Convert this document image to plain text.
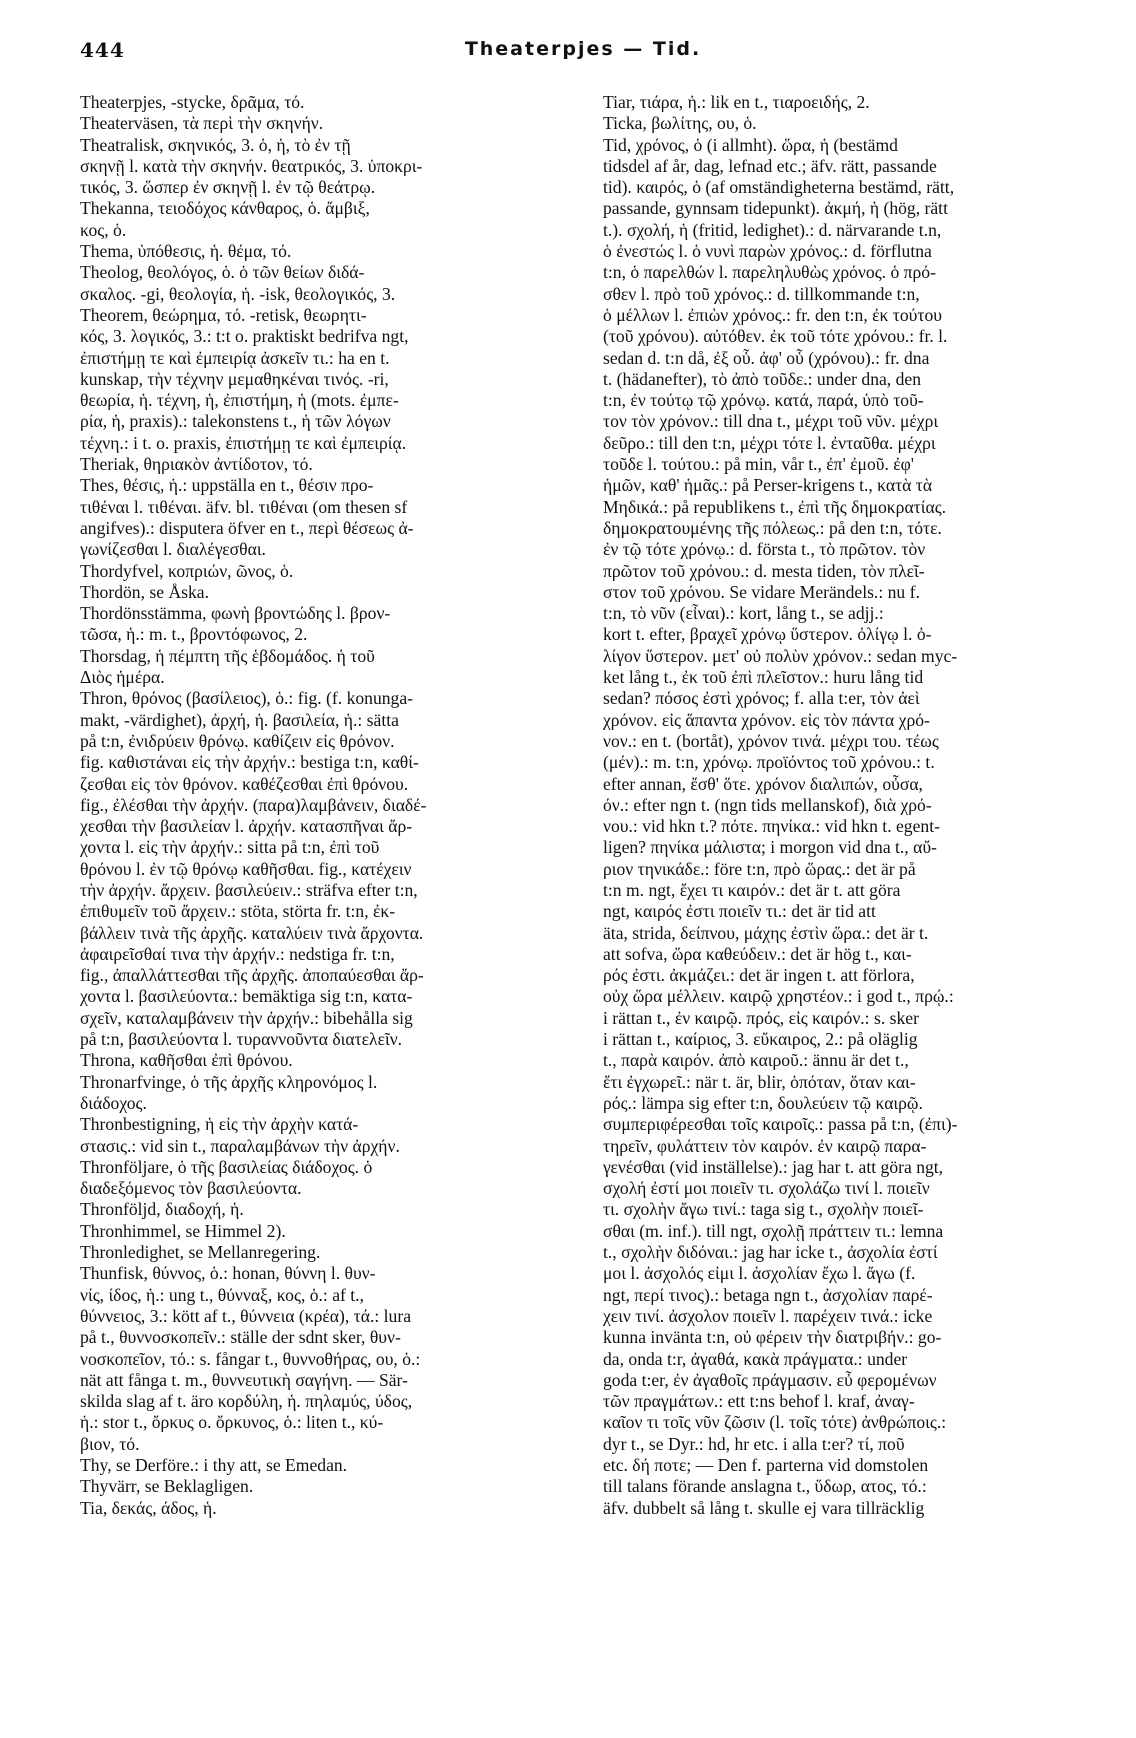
444	Theaterpjes — Tid.
Theaterpjes, -stycke, δρᾶμα, τό.
Theaterväsen, τὰ περὶ τὴν σκηνήν.
Theatralisk, σκηνικός, 3. ὁ, ἡ, τὸ ἐν τῇ
σκηνῇ l. κατὰ τὴν σκηνήν. θεατρικός, 3. ὑποκρι-
τικός, 3. ὥσπερ ἐν σκηνῇ l. ἐν τῷ θεάτρῳ.
Thekanna, τειοδόχος κάνθαρος, ὁ. ἄμβιξ,
κος, ὁ.
Thema, ὑπόθεσις, ἡ. θέμα, τό.
Theolog, θεολόγος, ὁ. ὁ τῶν θείων διδά-
σκαλος. -gi, θεολογία, ἡ. -isk, θεολογικός, 3.
Theorem, θεώρημα, τό. -retisk, θεωρητι-
κός, 3. λογικός, 3.: t:t o. praktiskt bedrifva ngt,
ἐπιστήμῃ τε καὶ ἐμπειρίᾳ ἀσκεῖν τι.: ha en t.
kunskap, τὴν τέχνην μεμαθηκέναι τινός. -ri,
θεωρία, ἡ. τέχνη, ἡ, ἐπιστήμη, ἡ (mots. ἐμπε-
ρία, ἡ, praxis).: talekonstens t., ἡ τῶν λόγων
τέχνη.: i t. o. praxis, ἐπιστήμῃ τε καὶ ἐμπειρίᾳ.
Theriak, θηριακὸν ἀντίδοτον, τό.
Thes, θέσις, ἡ.: uppställa en t., θέσιν προ-
τιθέναι l. τιθέναι. äfv. bl. τιθέναι (om thesen sf
angifves).: disputera öfver en t., περὶ θέσεως ἀ-
γωνίζεσθαι l. διαλέγεσθαι.
Thordyfvel, κοπριών, ῶνος, ὁ.
Thordön, se Åska.
Thordönsstämma, φωνὴ βροντώδης l. βρον-
τῶσα, ἡ.: m. t., βροντόφωνος, 2.
Thorsdag, ἡ πέμπτη τῆς ἑβδομάδος. ἡ τοῦ
Διὸς ἡμέρα.
Thron, θρόνος (βασίλειος), ὁ.: fig. (f. konunga-
makt, -värdighet), ἀρχή, ἡ. βασιλεία, ἡ.: sätta
på t:n, ἐνιδρύειν θρόνῳ. καθίζειν εἰς θρόνον.
fig. καθιστάναι εἰς τὴν ἀρχήν.: bestiga t:n, καθί-
ζεσθαι εἰς τὸν θρόνον. καθέζεσθαι ἐπὶ θρόνου.
fig., ἐλέσθαι τὴν ἀρχήν. (παρα)λαμβάνειν, διαδέ-
χεσθαι τὴν βασιλείαν l. ἀρχήν. κατασπῆναι ἄρ-
χοντα l. εἰς τὴν ἀρχήν.: sitta på t:n, ἐπὶ τοῦ
θρόνου l. ἐν τῷ θρόνῳ καθῆσθαι. fig., κατέχειν
τὴν ἀρχήν. ἄρχειν. βασιλεύειν.: sträfva efter t:n,
ἐπιθυμεῖν τοῦ ἄρχειν.: stöta, störta fr. t:n, ἐκ-
βάλλειν τινὰ τῆς ἀρχῆς. καταλύειν τινὰ ἄρχοντα.
ἀφαιρεῖσθαί τινα τὴν ἀρχήν.: nedstiga fr. t:n,
fig., ἀπαλλάττεσθαι τῆς ἀρχῆς. ἀποπαύεσθαι ἄρ-
χοντα l. βασιλεύοντα.: bemäktiga sig t:n, κατα-
σχεῖν, καταλαμβάνειν τὴν ἀρχήν.: bibehålla sig
på t:n, βασιλεύοντα l. τυραννοῦντα διατελεῖν.
Throna, καθῆσθαι ἐπὶ θρόνου.
Thronarfvinge, ὁ τῆς ἀρχῆς κληρονόμος l.
διάδοχος.
Thronbestigning, ἡ εἰς τὴν ἀρχὴν κατά-
στασις.: vid sin t., παραλαμβάνων τὴν ἀρχήν.
Thronföljare, ὁ τῆς βασιλείας διάδοχος. ὁ
διαδεξόμενος τὸν βασιλεύοντα.
Thronföljd, διαδοχή, ἡ.
Thronhimmel, se Himmel 2).
Thronledighet, se Mellanregering.
Thunfisk, θύννος, ὁ.: honan, θύννη l. θυν-
νίς, ίδος, ἡ.: ung t., θύνναξ, κος, ὁ.: af t.,
θύννειος, 3.: kött af t., θύννεια (κρέα), τά.: lura
på t., θυννοσκοπεῖν.: ställe der sdnt sker, θυν-
νοσκοπεῖον, τό.: s. fångar t., θυννοθήρας, ου, ὁ.:
nät att fånga t. m., θυννευτικὴ σαγήνη. — Sär-
skilda slag af t. äro κορδύλη, ἡ. πηλαμύς, ύδος,
ἡ.: stor t., ὄρκυς o. ὄρκυνος, ὁ.: liten t., κύ-
βιον, τό.
Thy, se Derföre.: i thy att, se Emedan.
Thyvärr, se Beklagligen.
Tia, δεκάς, άδος, ἡ.
Tiar, τιάρα, ἡ.: lik en t., τιαροειδής, 2.
Ticka, βωλίτης, ου, ὁ.
Tid, χρόνος, ὁ (i allmht). ὥρα, ἡ (bestämd
tidsdel af år, dag, lefnad etc.; äfv. rätt, passande
tid). καιρός, ὁ (af omständigheterna bestämd, rätt,
passande, gynnsam tidepunkt). ἀκμή, ἡ (hög, rätt
t.). σχολή, ἡ (fritid, ledighet).: d. närvarande t.n,
ὁ ἐνεστώς l. ὁ νυνὶ παρὼν χρόνος.: d. förflutna
t:n, ὁ παρελθών l. παρεληλυθὼς χρόνος. ὁ πρό-
σθεν l. πρὸ τοῦ χρόνος.: d. tillkommande t:n,
ὁ μέλλων l. ἐπιὼν χρόνος.: fr. den t:n, ἐκ τούτου
(τοῦ χρόνου). αὐτόθεν. ἐκ τοῦ τότε χρόνου.: fr. l.
sedan d. t:n då, ἐξ οὗ. ἀφ' οὗ (χρόνου).: fr. dna
t. (hädanefter), τὸ ἀπὸ τοῦδε.: under dna, den
t:n, ἐν τούτῳ τῷ χρόνῳ. κατά, παρά, ὑπὸ τοῦ-
τον τὸν χρόνον.: till dna t., μέχρι τοῦ νῦν. μέχρι
δεῦρο.: till den t:n, μέχρι τότε l. ἐνταῦθα. μέχρι
τοῦδε l. τούτου.: på min, vår t., ἐπ' ἐμοῦ. ἐφ'
ἡμῶν, καθ' ἡμᾶς.: på Perser-krigens t., κατὰ τὰ
Μηδικά.: på republikens t., ἐπὶ τῆς δημοκρατίας.
δημοκρατουμένης τῆς πόλεως.: på den t:n, τότε.
ἐν τῷ τότε χρόνῳ.: d. första t., τὸ πρῶτον. τὸν
πρῶτον τοῦ χρόνου.: d. mesta tiden, τὸν πλεῖ-
στον τοῦ χρόνου. Se vidare Merändels.: nu f.
t:n, τὸ νῦν (εἶναι).: kort, lång t., se adjj.:
kort t. efter, βραχεῖ χρόνῳ ὕστερον. ὀλίγῳ l. ὀ-
λίγον ὕστερον. μετ' οὐ πολὺν χρόνον.: sedan myc-
ket lång t., ἐκ τοῦ ἐπὶ πλεῖστον.: huru lång tid
sedan? πόσος ἐστὶ χρόνος; f. alla t:er, τὸν ἀεὶ
χρόνον. εἰς ἅπαντα χρόνον. εἰς τὸν πάντα χρό-
νον.: en t. (bortåt), χρόνον τινά. μέχρι του. τέως
(μέν).: m. t:n, χρόνῳ. προϊόντος τοῦ χρόνου.: t.
efter annan, ἔσθ' ὅτε. χρόνον διαλιπών, οὖσα,
όν.: efter ngn t. (ngn tids mellanskof), διὰ χρό-
νου.: vid hkn t.? πότε. πηνίκα.: vid hkn t. egent-
ligen? πηνίκα μάλιστα; i morgon vid dna t., αὔ-
ριον τηνικάδε.: före t:n, πρὸ ὥρας.: det är på
t:n m. ngt, ἔχει τι καιρόν.: det är t. att göra
ngt, καιρός ἐστι ποιεῖν τι.: det är tid att
äta, strida, δείπνου, μάχης ἐστὶν ὥρα.: det är t.
att sofva, ὥρα καθεύδειν.: det är hög t., και-
ρός ἐστι. ἀκμάζει.: det är ingen t. att förlora,
οὐχ ὥρα μέλλειν. καιρῷ χρηστέον.: i god t., πρῴ.:
i rättan t., ἐν καιρῷ. πρός, εἰς καιρόν.: s. sker
i rättan t., καίριος, 3. εὔκαιρος, 2.: på oläglig
t., παρὰ καιρόν. ἀπὸ καιροῦ.: ännu är det t.,
ἔτι ἐγχωρεῖ.: när t. är, blir, ὁπόταν, ὅταν και-
ρός.: lämpa sig efter t:n, δουλεύειν τῷ καιρῷ.
συμπεριφέρεσθαι τοῖς καιροῖς.: passa på t:n, (ἐπι)-
τηρεῖν, φυλάττειν τὸν καιρόν. ἐν καιρῷ παρα-
γενέσθαι (vid inställelse).: jag har t. att göra ngt,
σχολή ἐστί μοι ποιεῖν τι. σχολάζω τινί l. ποιεῖν
τι. σχολὴν ἄγω τινί.: taga sig t., σχολὴν ποιεῖ-
σθαι (m. inf.). till ngt, σχολῇ πράττειν τι.: lemna
t., σχολὴν διδόναι.: jag har icke t., ἀσχολία ἐστί
μοι l. ἀσχολός εἰμι l. ἀσχολίαν ἔχω l. ἄγω (f.
ngt, περί τινος).: betaga ngn t., ἀσχολίαν παρέ-
χειν τινί. ἀσχολον ποιεῖν l. παρέχειν τινά.: icke
kunna inväntа t:n, οὐ φέρειν τὴν διατριβήν.: go-
da, onda t:r, ἀγαθά, κακὰ πράγματα.: under
goda t:er, ἐν ἀγαθοῖς πράγμασιν. εὖ φερομένων
τῶν πραγμάτων.: ett t:ns behof l. kraf, ἀναγ-
καῖον τι τοῖς νῦν ζῶσιν (l. τοῖς τότε) ἀνθρώποις.:
dyr t., se Dyr.: hd, hr etc. i alla t:er? τί, ποῦ
etc. δή ποτε; — Den f. parterna vid domstolen
till talans förande anslagna t., ὕδωρ, ατος, τό.:
äfv. dubbelt så lång t. skulle ej vara tillräcklig
